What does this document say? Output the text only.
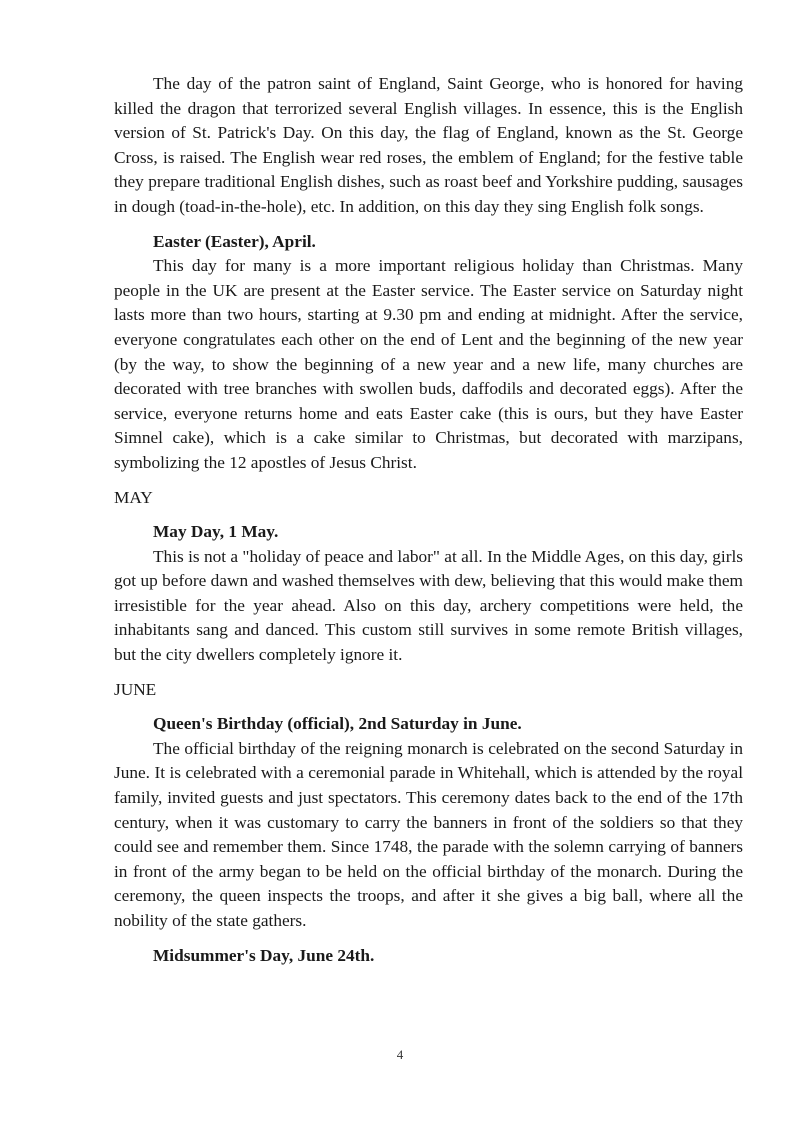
The day of the patron saint of England, Saint George, who is honored for having killed the dragon that terrorized several English villages. In essence, this is the English version of St. Patrick's Day. On this day, the flag of England, known as the St. George Cross, is raised. The English wear red roses, the emblem of England; for the festive table they prepare traditional English dishes, such as roast beef and Yorkshire pudding, sausages in dough (toad-in-the-hole), etc. In addition, on this day they sing English folk songs.

Easter (Easter), April.

This day for many is a more important religious holiday than Christmas. Many people in the UK are present at the Easter service. The Easter service on Saturday night lasts more than two hours, starting at 9.30 pm and ending at midnight. After the service, everyone congratulates each other on the end of Lent and the beginning of the new year (by the way, to show the beginning of a new year and a new life, many churches are decorated with tree branches with swollen buds, daffodils and decorated eggs). After the service, everyone returns home and eats Easter cake (this is ours, but they have Easter Simnel cake), which is a cake similar to Christmas, but decorated with marzipans, symbolizing the 12 apostles of Jesus Christ.

MAY

May Day, 1 May.

This is not a "holiday of peace and labor" at all. In the Middle Ages, on this day, girls got up before dawn and washed themselves with dew, believing that this would make them irresistible for the year ahead. Also on this day, archery competitions were held, the inhabitants sang and danced. This custom still survives in some remote British villages, but the city dwellers completely ignore it.

JUNE

Queen's Birthday (official), 2nd Saturday in June.

The official birthday of the reigning monarch is celebrated on the second Saturday in June. It is celebrated with a ceremonial parade in Whitehall, which is attended by the royal family, invited guests and just spectators. This ceremony dates back to the end of the 17th century, when it was customary to carry the banners in front of the soldiers so that they could see and remember them. Since 1748, the parade with the solemn carrying of banners in front of the army began to be held on the official birthday of the monarch. During the ceremony, the queen inspects the troops, and after it she gives a big ball, where all the nobility of the state gathers.

Midsummer's Day, June 24th.

4
